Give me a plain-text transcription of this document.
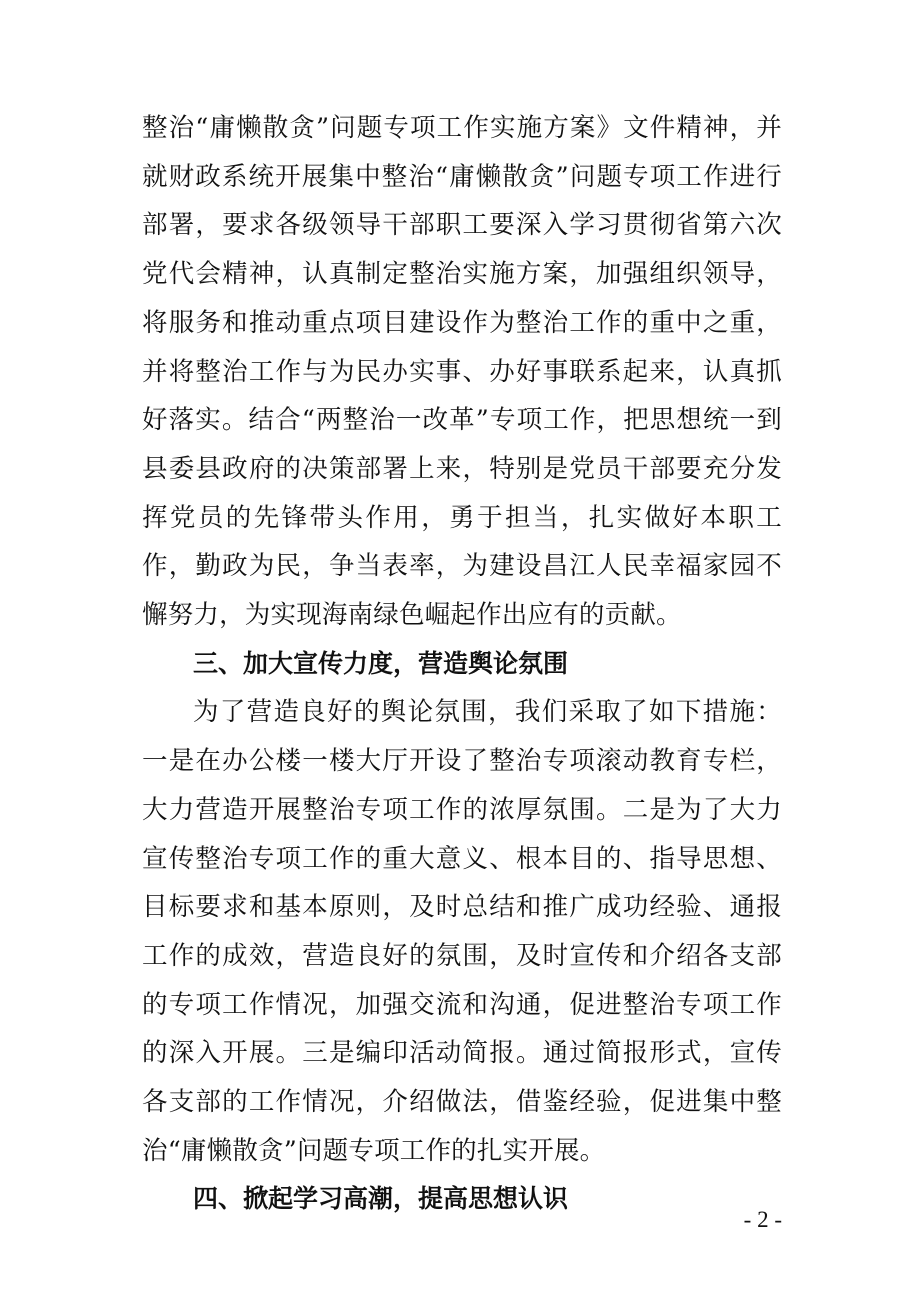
整治“庸懒散贪”问题专项工作实施方案》文件精神，并就财政系统开展集中整治“庸懒散贪”问题专项工作进行部署，要求各级领导干部职工要深入学习贯彻省第六次党代会精神，认真制定整治实施方案，加强组织领导，将服务和推动重点项目建设作为整治工作的重中之重，并将整治工作与为民办实事、办好事联系起来，认真抓好落实。结合“两整治一改革”专项工作，把思想统一到县委县政府的决策部署上来，特别是党员干部要充分发挥党员的先锋带头作用，勇于担当，扎实做好本职工作，勤政为民，争当表率，为建设昌江人民幸福家园不懈努力，为实现海南绿色崛起作出应有的贡献。

三、加大宣传力度，营造舆论氛围

为了营造良好的舆论氛围，我们采取了如下措施：一是在办公楼一楼大厅开设了整治专项滚动教育专栏，大力营造开展整治专项工作的浓厚氛围。二是为了大力宣传整治专项工作的重大意义、根本目的、指导思想、目标要求和基本原则，及时总结和推广成功经验、通报工作的成效，营造良好的氛围，及时宣传和介绍各支部的专项工作情况，加强交流和沟通，促进整治专项工作的深入开展。三是编印活动简报。通过简报形式，宣传各支部的工作情况，介绍做法，借鉴经验，促进集中整治“庸懒散贪”问题专项工作的扎实开展。

四、掀起学习高潮，提高思想认识

- 2 -
